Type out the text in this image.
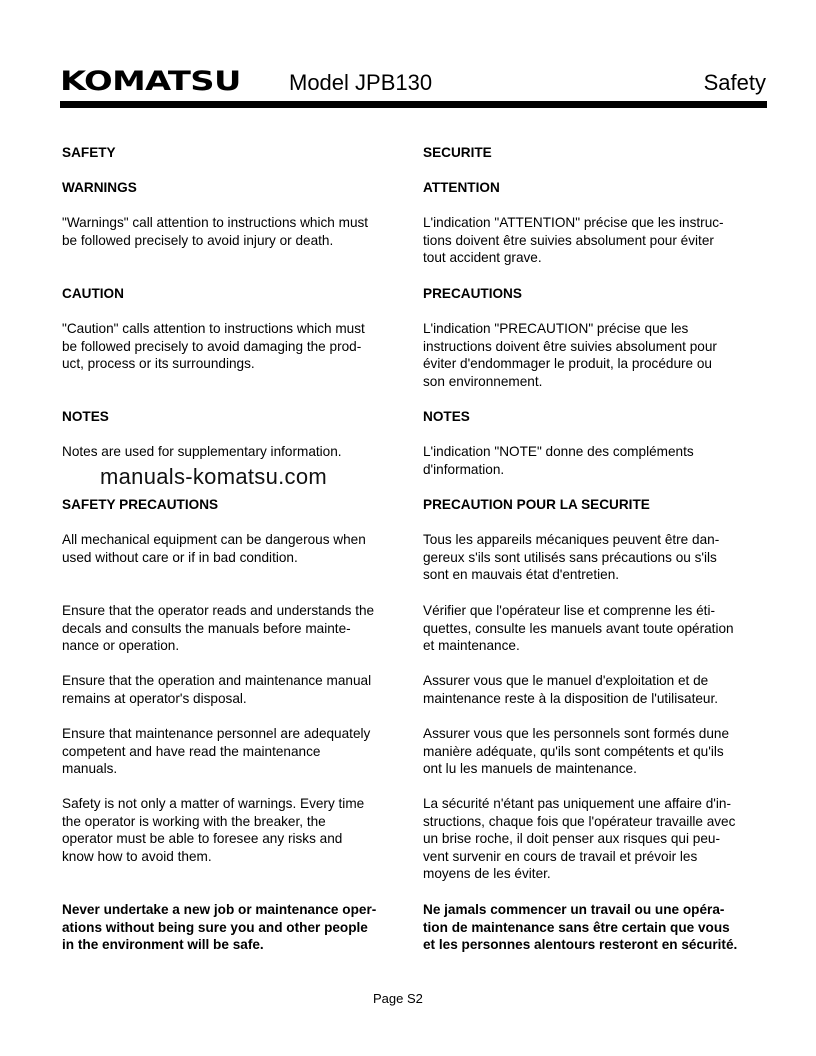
KOMATSU Model JPB130	Safety
SAFETY
WARNINGS
"Warnings" call attention to instructions which must
be followed precisely to avoid injury or death.
CAUTION
"Caution" calls attention to instructions which must
be followed precisely to avoid damaging the prod-
uct, process or its surroundings.
NOTES
Notes are used for supplementary information.
SAFETY PRECAUTIONS
All mechanical equipment can be dangerous when
used without care or if in bad condition.
Ensure that the operator reads and understands the
decals and consults the manuals before mainte-
nance or operation.
Ensure that the operation and maintenance manual
remains at operator's disposal.
Ensure that maintenance personnel are adequately
competent and have read the maintenance
manuals.
Safety is not only a matter of warnings. Every time
the operator is working with the breaker, the
operator must be able to foresee any risks and
know how to avoid them.
Never undertake a new job or maintenance oper-
ations without being sure you and other people
in the environment will be safe.
SECURITE
ATTENTION
L'indication "ATTENTION" précise que les instruc-
tions doivent être suivies absolument pour éviter
tout accident grave.
PRECAUTIONS
L'indication "PRECAUTION" précise que les
instructions doivent être suivies absolument pour
éviter d'endommager le produit, la procédure ou
son environnement.
NOTES
L'indication "NOTE" donne des compléments
d'information.
PRECAUTION POUR LA SECURITE
Tous les appareils mécaniques peuvent être dan-
gereux s'ils sont utilisés sans précautions ou s'ils
sont en mauvais état d'entretien.
Vérifier que l'opérateur lise et comprenne les éti-
quettes, consulte les manuels avant toute opération
et maintenance.
Assurer vous que le manuel d'exploitation et de
maintenance reste à la disposition de l'utilisateur.
Assurer vous que les personnels sont formés dune
manière adéquate, qu'ils sont compétents et qu'ils
ont lu les manuels de maintenance.
La sécurité n'étant pas uniquement une affaire d'in-
structions, chaque fois que l'opérateur travaille avec
un brise roche, il doit penser aux risques qui peu-
vent survenir en cours de travail et prévoir les
moyens de les éviter.
Ne jamals commencer un travail ou une opéra-
tion de maintenance sans être certain que vous
et les personnes alentours resteront en sécurité.
manuals-komatsu.com
Page S2
